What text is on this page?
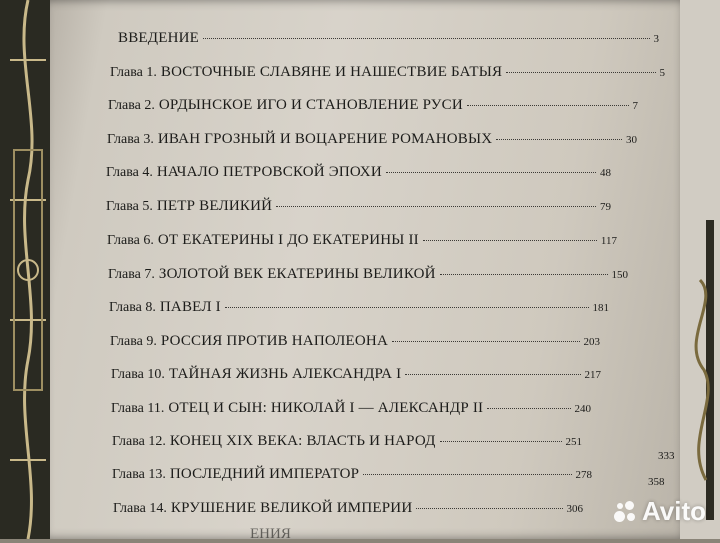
ВВЕДЕНИЕ	3
Глава 1. ВОСТОЧНЫЕ СЛАВЯНЕ И НАШЕСТВИЕ БАТЫЯ	5
Глава 2. ОРДЫНСКОЕ ИГО И СТАНОВЛЕНИЕ РУСИ	7
Глава 3. ИВАН ГРОЗНЫЙ И ВОЦАРЕНИЕ РОМАНОВЫХ	30
Глава 4. НАЧАЛО ПЕТРОВСКОЙ ЭПОХИ	48
Глава 5. ПЕТР ВЕЛИКИЙ	79
Глава 6. ОТ ЕКАТЕРИНЫ I ДО ЕКАТЕРИНЫ II	117
Глава 7. ЗОЛОТОЙ ВЕК ЕКАТЕРИНЫ ВЕЛИКОЙ	150
Глава 8. ПАВЕЛ I	181
Глава 9. РОССИЯ ПРОТИВ НАПОЛЕОНА	203
Глава 10. ТАЙНАЯ ЖИЗНЬ АЛЕКСАНДРА I	217
Глава 11. ОТЕЦ И СЫН: НИКОЛАЙ I — АЛЕКСАНДР II	240
Глава 12. КОНЕЦ XIX ВЕКА: ВЛАСТЬ И НАРОД	251
Глава 13. ПОСЛЕДНИЙ ИМПЕРАТОР	278
Глава 14. КРУШЕНИЕ ВЕЛИКОЙ ИМПЕРИИ	306
333
358
ЕНИЯ
Avito
